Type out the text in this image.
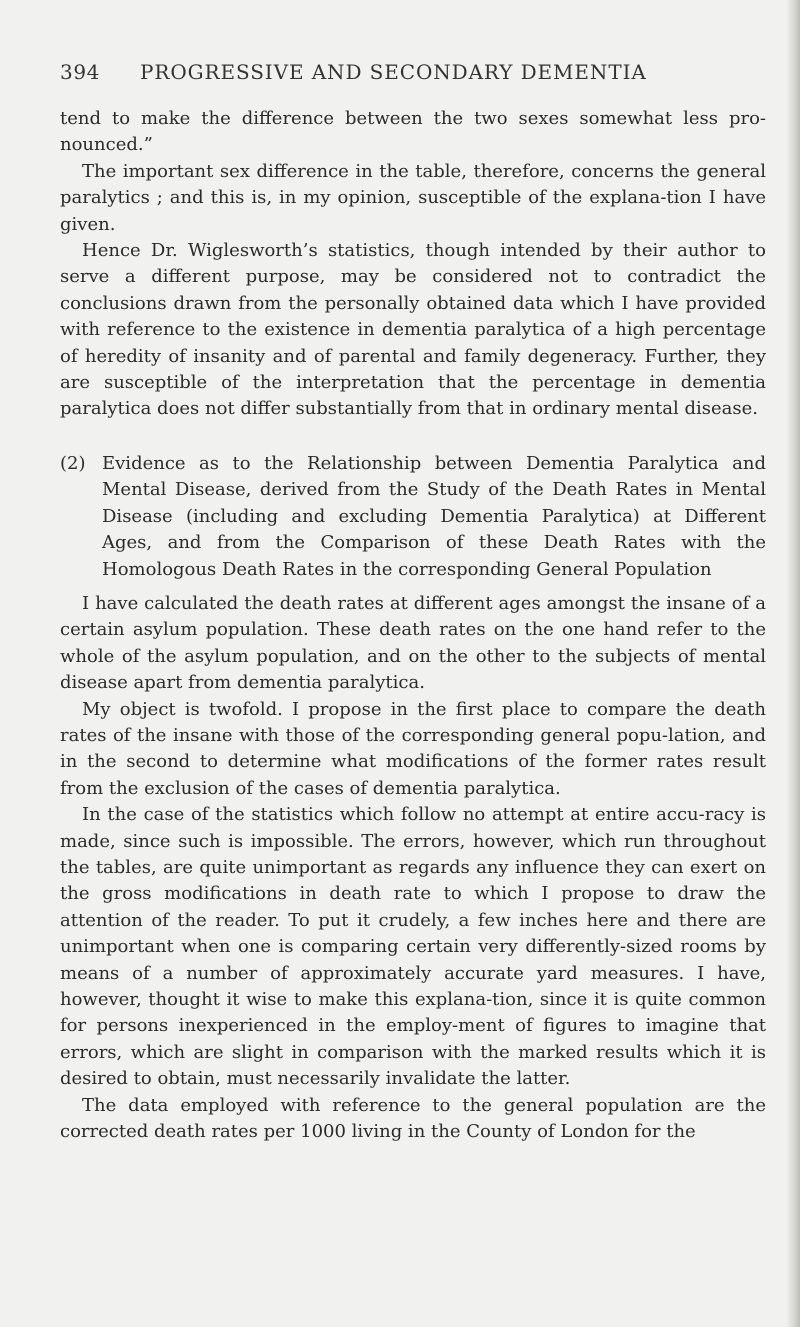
394 PROGRESSIVE AND SECONDARY DEMENTIA

tend to make the difference between the two sexes somewhat less pro-nounced.”

The important sex difference in the table, therefore, concerns the general paralytics ; and this is, in my opinion, susceptible of the explana-tion I have given.

Hence Dr. Wiglesworth’s statistics, though intended by their author to serve a different purpose, may be considered not to contradict the conclusions drawn from the personally obtained data which I have provided with reference to the existence in dementia paralytica of a high percentage of heredity of insanity and of parental and family degeneracy. Further, they are susceptible of the interpretation that the percentage in dementia paralytica does not differ substantially from that in ordinary mental disease.

(2) Evidence as to the Relationship between Dementia Paralytica and Mental Disease, derived from the Study of the Death Rates in Mental Disease (including and excluding Dementia Paralytica) at Different Ages, and from the Comparison of these Death Rates with the Homologous Death Rates in the corresponding General Population

I have calculated the death rates at different ages amongst the insane of a certain asylum population. These death rates on the one hand refer to the whole of the asylum population, and on the other to the subjects of mental disease apart from dementia paralytica.

My object is twofold. I propose in the first place to compare the death rates of the insane with those of the corresponding general popu-lation, and in the second to determine what modifications of the former rates result from the exclusion of the cases of dementia paralytica.

In the case of the statistics which follow no attempt at entire accu-racy is made, since such is impossible. The errors, however, which run throughout the tables, are quite unimportant as regards any influence they can exert on the gross modifications in death rate to which I propose to draw the attention of the reader. To put it crudely, a few inches here and there are unimportant when one is comparing certain very differently-sized rooms by means of a number of approximately accurate yard measures. I have, however, thought it wise to make this explana-tion, since it is quite common for persons inexperienced in the employ-ment of figures to imagine that errors, which are slight in comparison with the marked results which it is desired to obtain, must necessarily invalidate the latter.

The data employed with reference to the general population are the corrected death rates per 1000 living in the County of London for the
